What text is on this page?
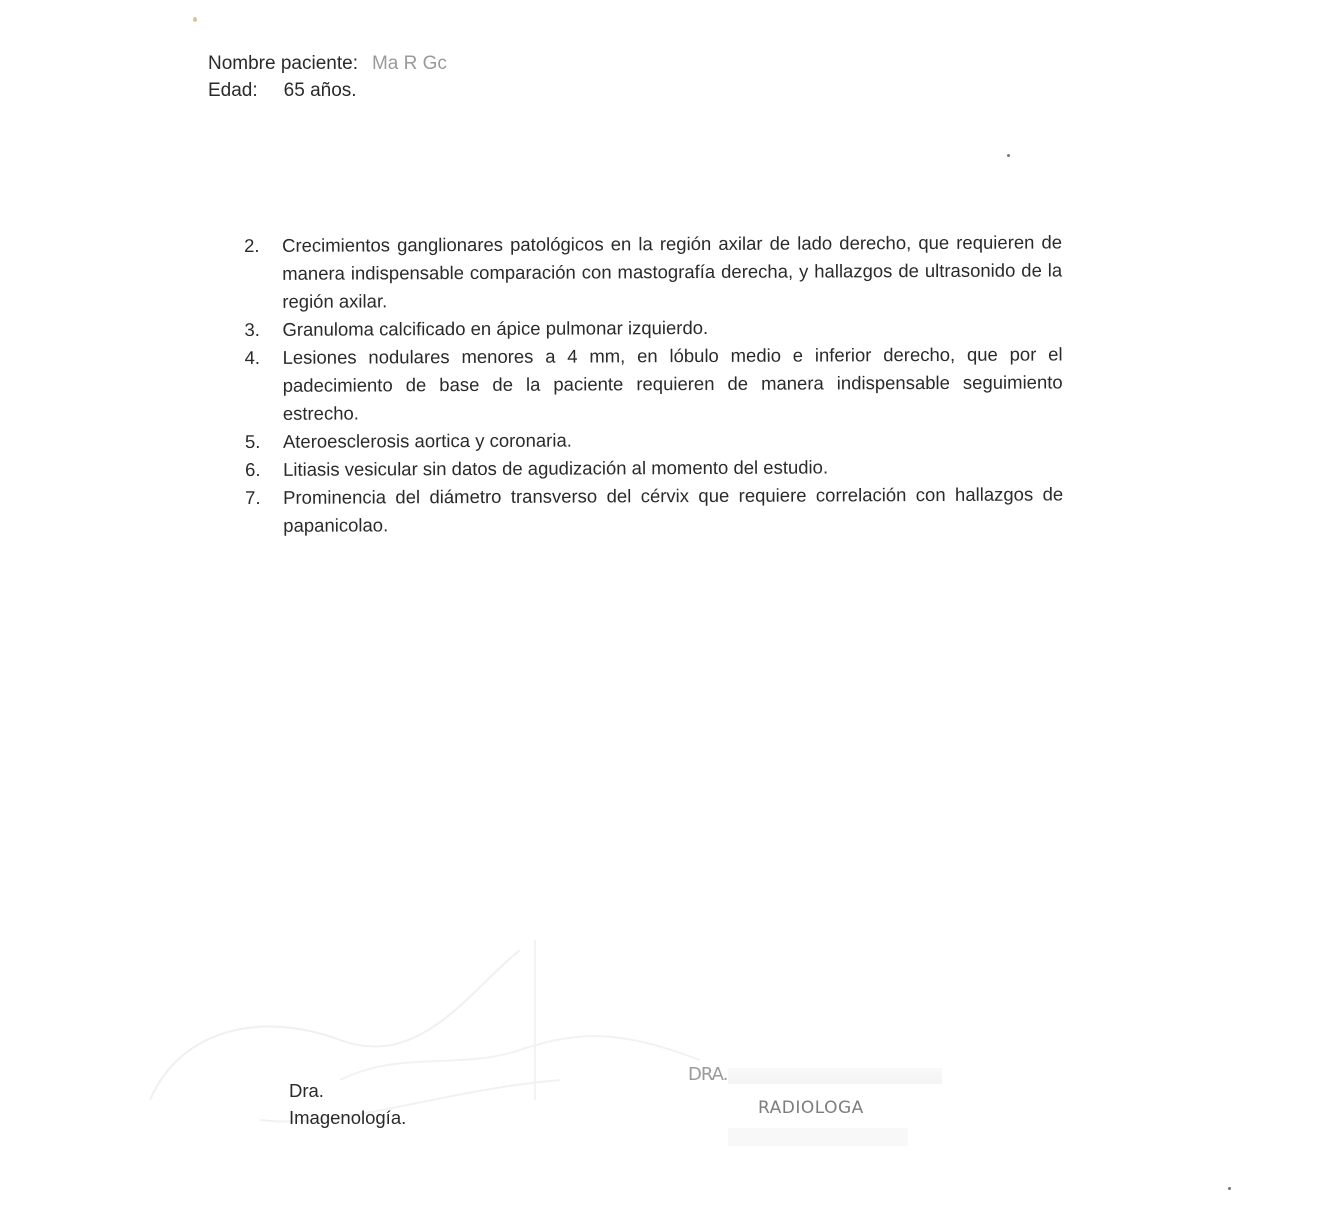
Nombre paciente: Ma R Gc
Edad: 65 años.
2.	Crecimientos ganglionares patológicos en la región axilar de lado derecho, que requieren de manera indispensable comparación con mastografía derecha, y hallazgos de ultrasonido de la región axilar.
3.	Granuloma calcificado en ápice pulmonar izquierdo.
4.	Lesiones nodulares menores a 4 mm, en lóbulo medio e inferior derecho, que por el padecimiento de base de la paciente requieren de manera indispensable seguimiento estrecho.
5.	Ateroesclerosis aortica y coronaria.
6.	Litiasis vesicular sin datos de agudización al momento del estudio.
7.	Prominencia del diámetro transverso del cérvix que requiere correlación con hallazgos de papanicolao.
Dra.
Imagenología.
DRA.
RADIOLOGA
